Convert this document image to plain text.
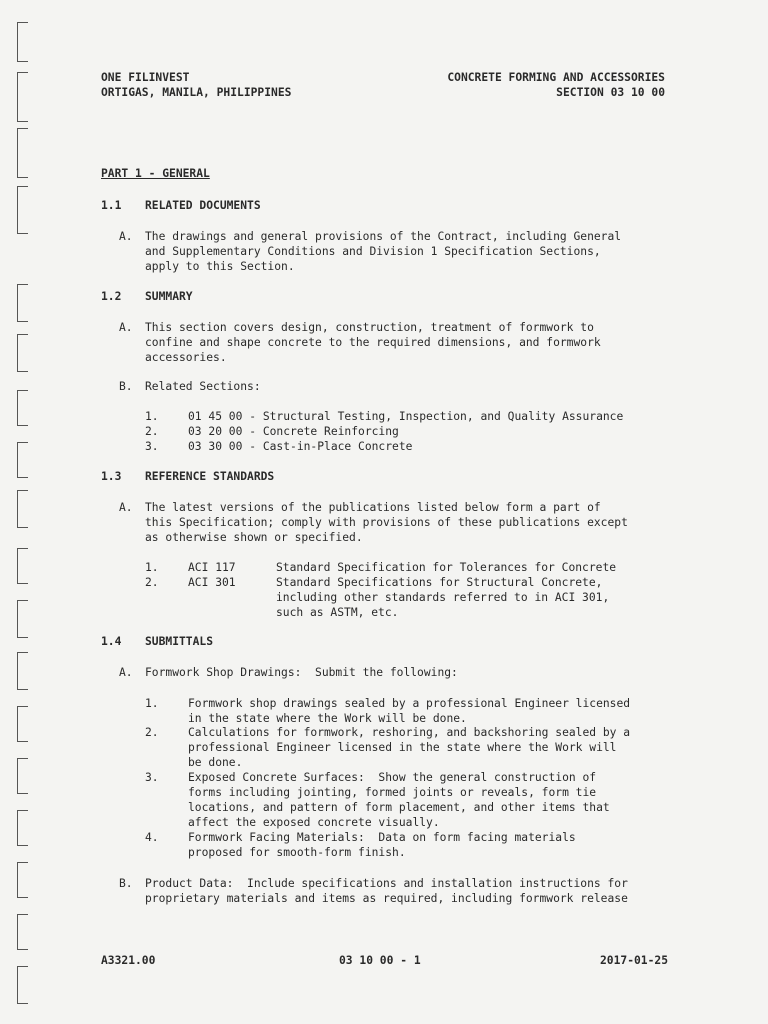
ONE FILINVEST
ORTIGAS, MANILA, PHILIPPINES
CONCRETE FORMING AND ACCESSORIES
SECTION 03 10 00
PART 1 - GENERAL
1.1 RELATED DOCUMENTS
A. The drawings and general provisions of the Contract, including General
and Supplementary Conditions and Division 1 Specification Sections,
apply to this Section.
1.2 SUMMARY
A. This section covers design, construction, treatment of formwork to
confine and shape concrete to the required dimensions, and formwork
accessories.
B. Related Sections:
1.	01 45 00 - Structural Testing, Inspection, and Quality Assurance
2.	03 20 00 - Concrete Reinforcing
3.	03 30 00 - Cast-in-Place Concrete
1.3 REFERENCE STANDARDS
A. The latest versions of the publications listed below form a part of
this Specification; comply with provisions of these publications except
as otherwise shown or specified.
1.	ACI 117	Standard Specification for Tolerances for Concrete
2.	ACI 301	Standard Specifications for Structural Concrete,
including other standards referred to in ACI 301,
such as ASTM, etc.
1.4 SUBMITTALS
A. Formwork Shop Drawings:  Submit the following:
1.	Formwork shop drawings sealed by a professional Engineer licensed
in the state where the Work will be done.
2.	Calculations for formwork, reshoring, and backshoring sealed by a
professional Engineer licensed in the state where the Work will
be done.
3.	Exposed Concrete Surfaces:  Show the general construction of
forms including jointing, formed joints or reveals, form tie
locations, and pattern of form placement, and other items that
affect the exposed concrete visually.
4.	Formwork Facing Materials:  Data on form facing materials
proposed for smooth-form finish.
B. Product Data:  Include specifications and installation instructions for
proprietary materials and items as required, including formwork release
A3321.00	03 10 00 - 1	2017-01-25
